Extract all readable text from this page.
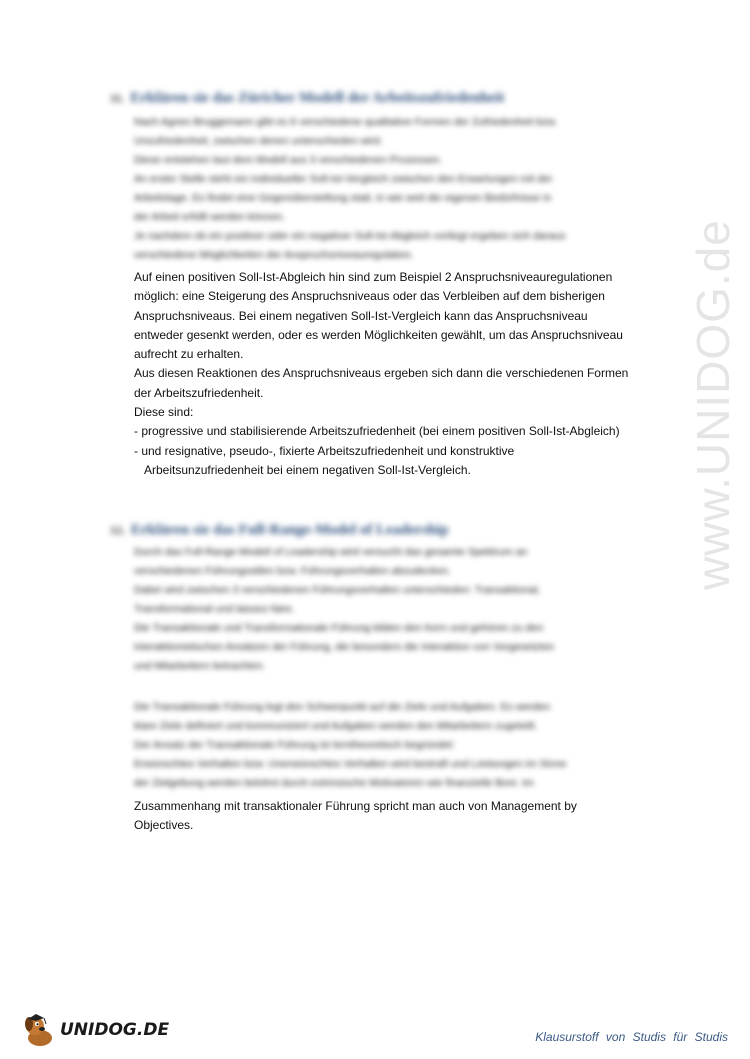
11. Erklären sie das Züricher Modell der Arbeitszufriedenheit
Nach Agnes Bruggemann gibt es 6 verschiedene qualitative Formen der Zufriedenheit bzw.
Unzufriedenheit, zwischen denen unterschieden wird.
Diese entstehen laut dem Modell aus 3 verschiedenen Prozessen.
An erster Stelle steht ein individueller Soll-Ist-Vergleich zwischen den Erwartungen mit der
Arbeitslage. Es findet eine Gegenüberstellung statt, in wie weit die eigenen Bedürfnisse in
der Arbeit erfüllt werden können.
Je nachdem ob ein positiver oder ein negativer Soll-Ist-Abgleich vorliegt ergeben sich daraus
verschiedene Möglichkeiten der Anspruchsniveauregulation.
Auf einen positiven Soll-Ist-Abgleich hin sind zum Beispiel 2 Anspruchsniveauregulationen
möglich: eine Steigerung des Anspruchsniveaus oder das Verbleiben auf dem bisherigen
Anspruchsniveaus. Bei einem negativen Soll-Ist-Vergleich kann das Anspruchsniveau
entweder gesenkt werden, oder es werden Möglichkeiten gewählt, um das Anspruchsniveau
aufrecht zu erhalten.
Aus diesen Reaktionen des Anspruchsniveaus ergeben sich dann die verschiedenen Formen
der Arbeitszufriedenheit.
Diese sind:
- progressive und stabilisierende Arbeitszufriedenheit (bei einem positiven Soll-Ist-Abgleich)
- und resignative, pseudo-, fixierte Arbeitszufriedenheit und konstruktive
Arbeitsunzufriedenheit bei einem negativen Soll-Ist-Vergleich.
12. Erklären sie das Full-Range-Model of Leadership
Durch das Full-Range-Modell of Leadership wird versucht das gesamte Spektrum an
verschiedenen Führungsstilen bzw. Führungsverhalten abzudecken.
Dabei wird zwischen 3 verschiedenen Führungsverhalten unterschieden: Transaktional,
Transformational und laissez-faire.
Die Transaktionale und Transformationale Führung bilden den Kern und gehören zu den
interaktionistischen Ansätzen der Führung, die besonders die Interaktion von Vorgesetzten
und Mitarbeitern betrachten.
Die Transaktionale Führung legt den Schwerpunkt auf die Ziele und Aufgaben. Es werden
klare Ziele definiert und kommuniziert und Aufgaben werden den Mitarbeitern zugeteilt.
Der Ansatz der Transaktionale Führung ist lerntheoretisch begründet:
Erwünschtes Verhalten bzw. Unerwünschtes Verhalten wird bestraft und Leistungen im Sinne
der Zielgebung werden belohnt durch extrinsische Motivatoren wie finanzielle Boni. Im
Zusammenhang mit transaktionaler Führung spricht man auch von Management by
Objectives.
www.UNIDOG.de
UNIDOG.DE	Klausurstoff von Studis für Studis
